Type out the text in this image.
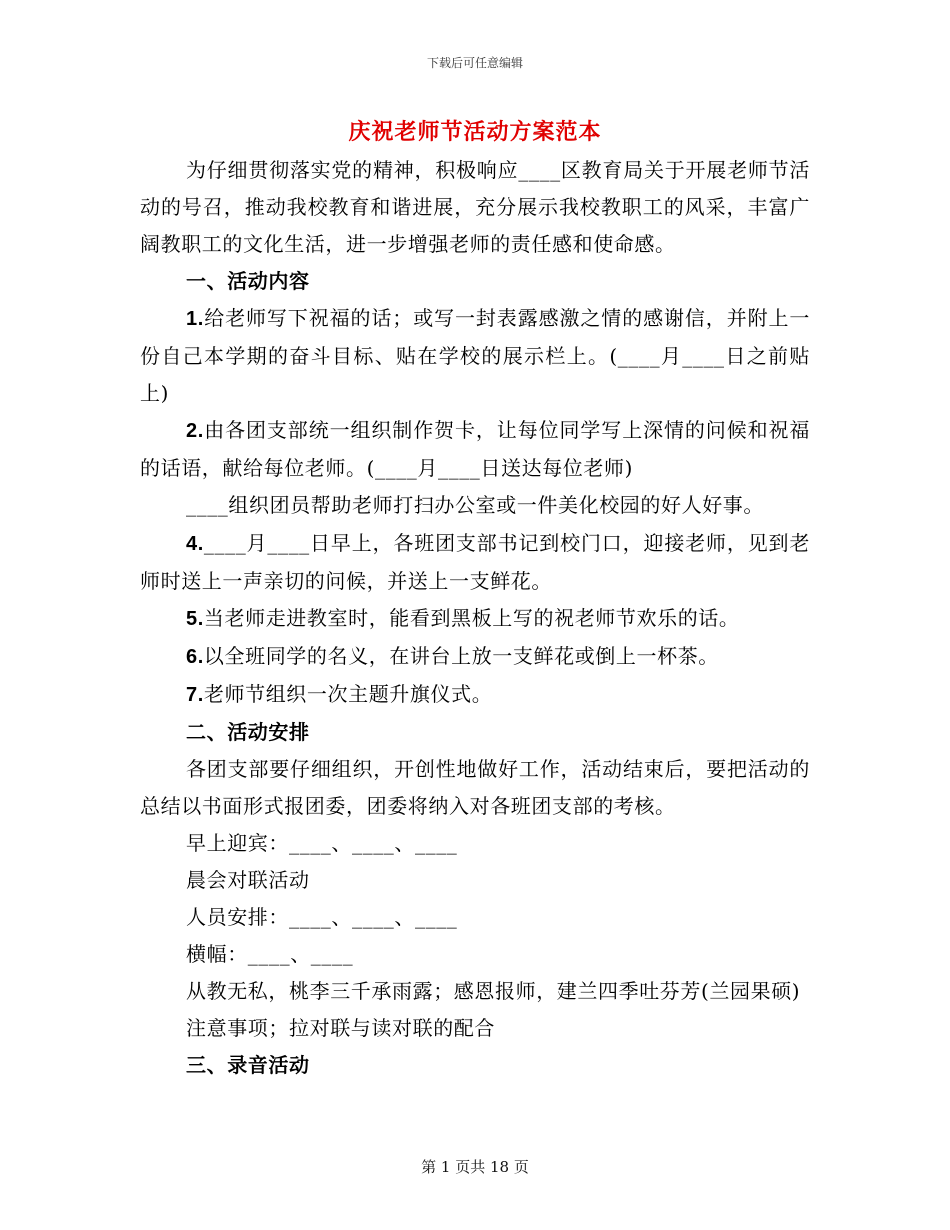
下载后可任意编辑
庆祝老师节活动方案范本

为仔细贯彻落实党的精神，积极响应____区教育局关于开展老师节活动的号召，推动我校教育和谐进展，充分展示我校教职工的风采，丰富广阔教职工的文化生活，进一步增强老师的责任感和使命感。

一、活动内容

1.给老师写下祝福的话；或写一封表露感激之情的感谢信，并附上一份自己本学期的奋斗目标、贴在学校的展示栏上。(____月____日之前贴上)

2.由各团支部统一组织制作贺卡，让每位同学写上深情的问候和祝福的话语，献给每位老师。(____月____日送达每位老师)

____组织团员帮助老师打扫办公室或一件美化校园的好人好事。

4.____月____日早上，各班团支部书记到校门口，迎接老师，见到老师时送上一声亲切的问候，并送上一支鲜花。

5.当老师走进教室时，能看到黑板上写的祝老师节欢乐的话。

6.以全班同学的名义，在讲台上放一支鲜花或倒上一杯茶。

7.老师节组织一次主题升旗仪式。

二、活动安排

各团支部要仔细组织，开创性地做好工作，活动结束后，要把活动的总结以书面形式报团委，团委将纳入对各班团支部的考核。

早上迎宾：____、____、____

晨会对联活动

人员安排：____、____、____

横幅：____、____

从教无私，桃李三千承雨露；感恩报师，建兰四季吐芬芳(兰园果硕)

注意事项；拉对联与读对联的配合

三、录音活动

第 1 页共 18 页
